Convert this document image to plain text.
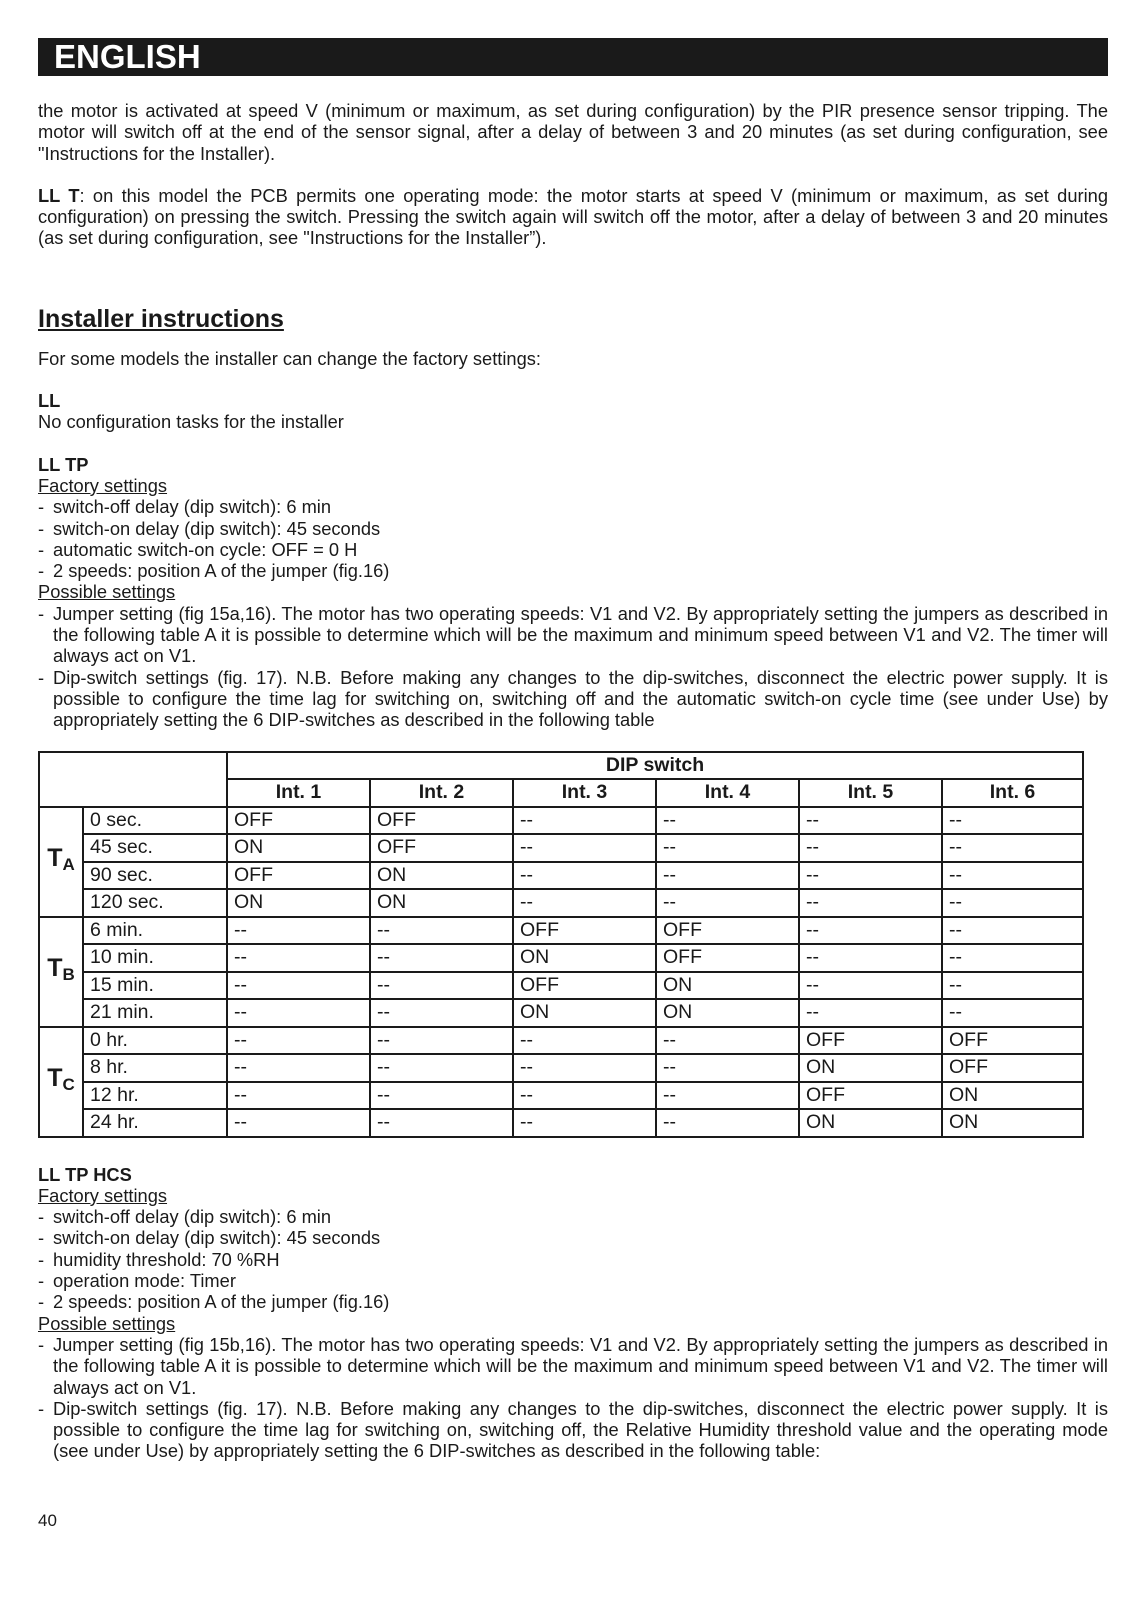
ENGLISH

the motor is activated at speed V (minimum or maximum, as set during configuration) by the PIR presence sensor tripping. The motor will switch off at the end of the sensor signal, after a delay of between 3 and 20 minutes (as set during configuration, see "Instructions for the Installer).

LL T: on this model the PCB permits one operating mode: the motor starts at speed V (minimum or maximum, as set during configuration) on pressing the switch. Pressing the switch again will switch off the motor, after a delay of between 3 and 20 minutes (as set during configuration, see "Instructions for the Installer”).

Installer instructions

For some models the installer can change the factory settings:

LL

No configuration tasks for the installer

LL TP

Factory settings

- switch-off delay (dip switch): 6 min
- switch-on delay (dip switch): 45 seconds
- automatic switch-on cycle: OFF = 0 H
- 2 speeds: position A of the jumper (fig.16)

Possible settings

- Jumper setting (fig 15a,16). The motor has two operating speeds: V1 and V2. By appropriately setting the jumpers as described in the following table A it is possible to determine which will be the maximum and minimum speed between V1 and V2. The timer will always act on V1.
- Dip-switch settings (fig. 17). N.B. Before making any changes to the dip-switches, disconnect the electric power supply. It is possible to configure the time lag for switching on, switching off and the automatic switch-on cycle time (see under Use) by appropriately setting the 6 DIP-switches as described in the following table
		DIP switch					
		Int. 1	Int. 2	Int. 3	Int. 4	Int. 5	Int. 6
$T_A$	0 sec.	OFF	OFF	--	--	--	--
	45 sec.	ON	OFF	--	--	--	--
	90 sec.	OFF	ON	--	--	--	--
	120 sec.	ON	ON	--	--	--	--
$T_B$	6 min.	--	--	OFF	OFF	--	--
	10 min.	--	--	ON	OFF	--	--
	15 min.	--	--	OFF	ON	--	--
	21 min.	--	--	ON	ON	--	--
$T_C$	0 hr.	--	--	--	--	OFF	OFF
	8 hr.	--	--	--	--	ON	OFF
	12 hr.	--	--	--	--	OFF	ON
	24 hr.	--	--	--	--	ON	ON

LL TP HCS

Factory settings

- switch-off delay (dip switch): 6 min
- switch-on delay (dip switch): 45 seconds
- humidity threshold: 70 %RH
- operation mode: Timer
- 2 speeds: position A of the jumper (fig.16)

Possible settings

- Jumper setting (fig 15b,16). The motor has two operating speeds: V1 and V2. By appropriately setting the jumpers as described in the following table A it is possible to determine which will be the maximum and minimum speed between V1 and V2. The timer will always act on V1.
- Dip-switch settings (fig. 17). N.B. Before making any changes to the dip-switches, disconnect the electric power supply. It is possible to configure the time lag for switching on, switching off, the Relative Humidity threshold value and the operating mode (see under Use) by appropriately setting the 6 DIP-switches as described in the following table:
40
